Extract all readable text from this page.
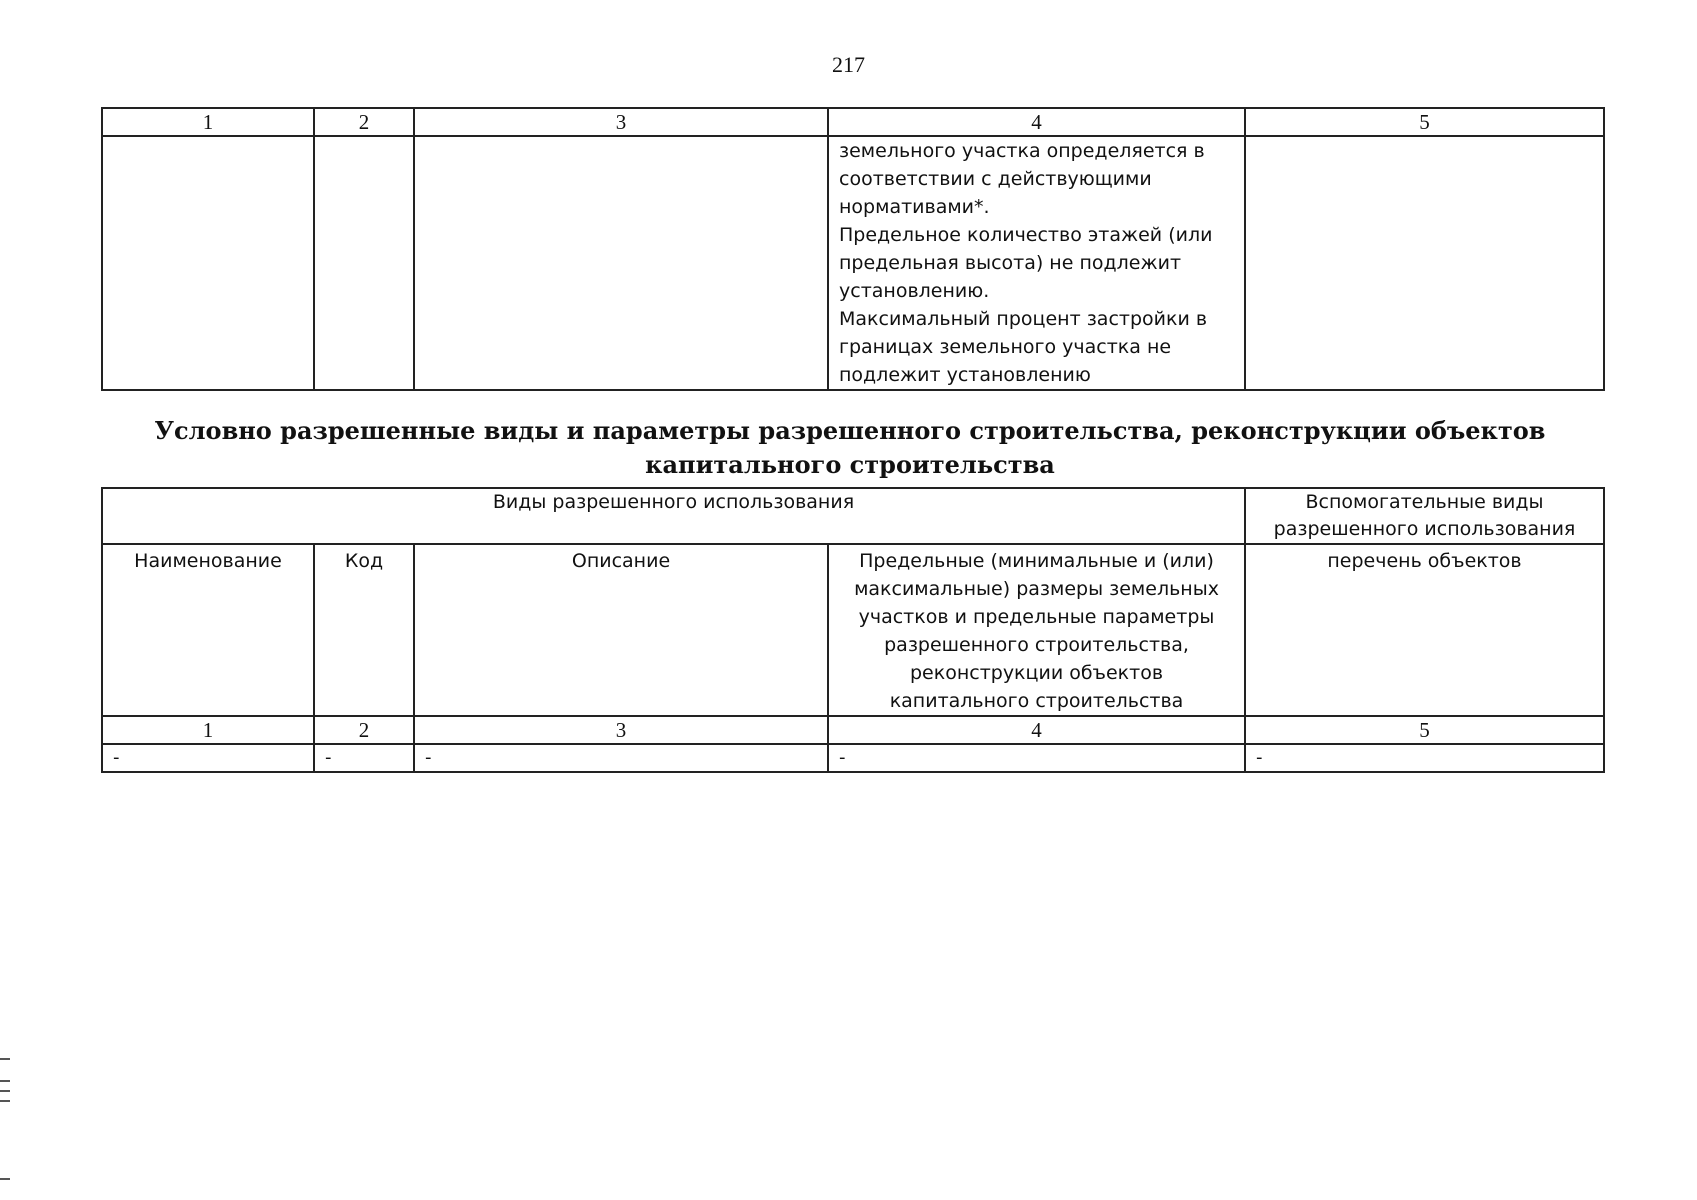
217
1	2	3	4	5

			земельного участка определяется в соответствии с действующими нормативами*.
Предельное количество этажей (или предельная высота) не подлежит установлению.
Максимальный процент застройки в границах земельного участка не подлежит установлению	

Условно разрешенные виды и параметры разрешенного строительства, реконструкции объектов капитального строительства
Виды разрешенного использования				Вспомогательные виды разрешенного использования
Наименование	Код	Описание	Предельные (минимальные и (или) максимальные) размеры земельных участков и предельные параметры разрешенного строительства, реконструкции объектов капитального строительства	перечень объектов
1	2	3	4	5
-	-	-	-	-
